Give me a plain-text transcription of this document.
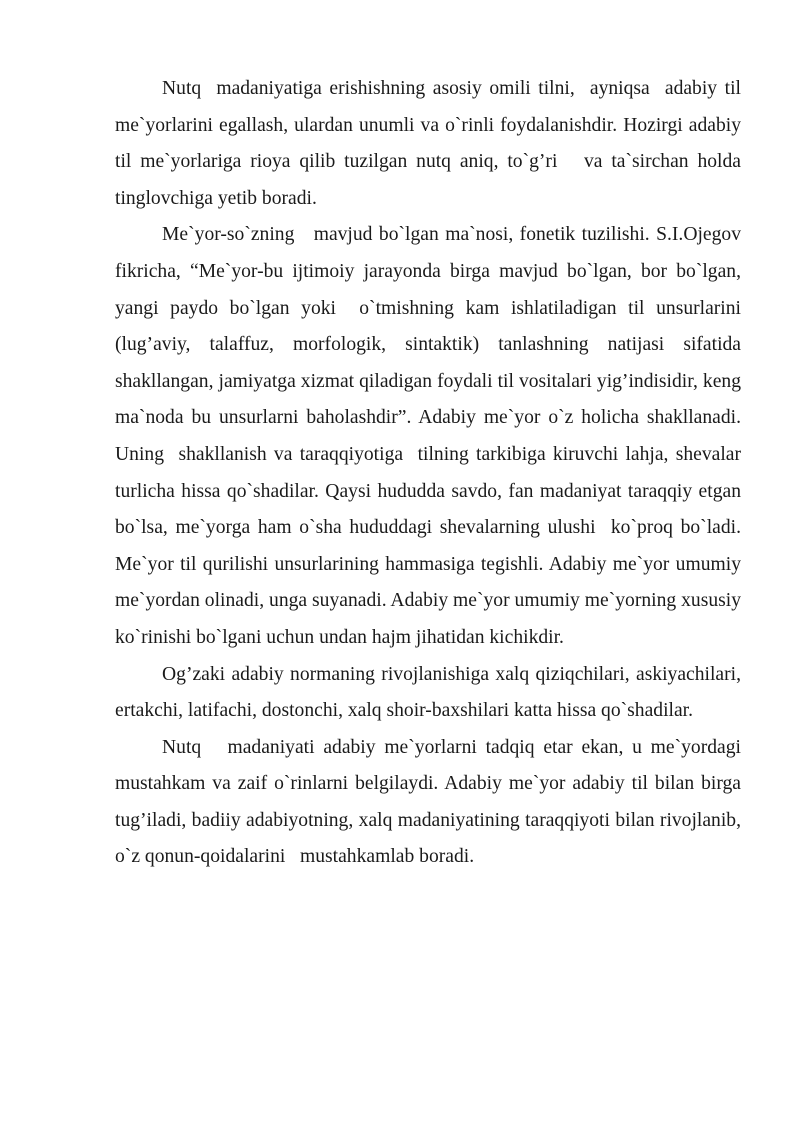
Nutq  madaniyatiga erishishning asosiy omili tilni,  ayniqsa  adabiy til me`yorlarini egallash, ulardan unumli va o`rinli foydalanishdir. Hozirgi adabiy til me`yorlariga rioya qilib tuzilgan nutq aniq, to`g’ri   va ta`sirchan holda tinglovchiga yetib boradi.

Me`yor-so`zning   mavjud bo`lgan ma`nosi, fonetik tuzilishi. S.I.Ojegov fikricha, “Me`yor-bu ijtimoiy jarayonda birga mavjud bo`lgan, bor bo`lgan, yangi paydo bo`lgan yoki  o`tmishning kam ishlatiladigan til unsurlarini (lug’aviy, talaffuz, morfologik, sintaktik) tanlashning natijasi sifatida shakllangan, jamiyatga xizmat qiladigan foydali til vositalari yig’indisidir, keng ma`noda bu unsurlarni baholashdir”. Adabiy me`yor o`z holicha shakllanadi. Uning  shakllanish va taraqqiyotiga  tilning tarkibiga kiruvchi lahja, shevalar turlicha hissa qo`shadilar. Qaysi hududda savdo, fan madaniyat taraqqiy etgan bo`lsa, me`yorga ham o`sha hududdagi shevalarning ulushi  ko`proq bo`ladi. Me`yor til qurilishi unsurlarining hammasiga tegishli. Adabiy me`yor umumiy me`yordan olinadi, unga suyanadi. Adabiy me`yor umumiy me`yorning xususiy ko`rinishi bo`lgani uchun undan hajm jihatidan kichikdir.

Og’zaki adabiy normaning rivojlanishiga xalq qiziqchilari, askiyachilari, ertakchi, latifachi, dostonchi, xalq shoir-baxshilari katta hissa qo`shadilar.

Nutq   madaniyati adabiy me`yorlarni tadqiq etar ekan, u me`yordagi mustahkam va zaif o`rinlarni belgilaydi. Adabiy me`yor adabiy til bilan birga tug’iladi, badiiy adabiyotning, xalq madaniyatining taraqqiyoti bilan rivojlanib, o`z qonun-qoidalarini   mustahkamlab boradi.
